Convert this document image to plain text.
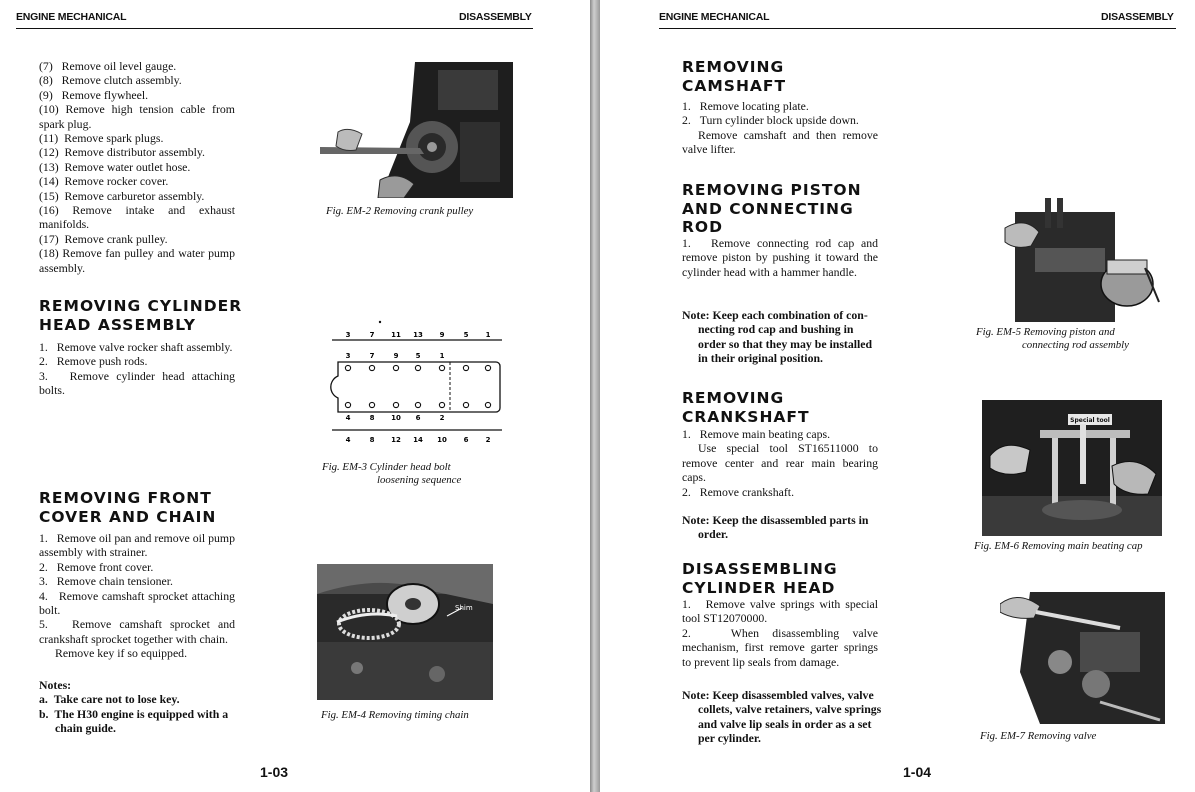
ENGINE MECHANICAL	DISASSEMBLY

(7)   Remove oil level gauge.

(8)   Remove clutch assembly.

(9)   Remove flywheel.

(10) Remove high tension cable from spark plug.

(11)  Remove spark plugs.

(12)  Remove distributor assembly.

(13)  Remove water outlet hose.

(14)  Remove rocker cover.

(15)  Remove carburetor assembly.

(16) Remove intake and exhaust manifolds.

(17)  Remove crank pulley.

(18) Remove fan pulley and water pump assembly.

Fig. EM-2 Removing crank pulley
REMOVING CYLINDER
HEAD ASSEMBLY

1.   Remove valve rocker shaft assembly.

2.   Remove push rods.

3.   Remove cylinder head attaching bolts.

3	7 11 13 9	5 1
4	8 12 14 10 6 2
3	7	9 5	1
4	8 10 6	2
Fig. EM-3 Cylinder head bolt
loosening sequence
REMOVING FRONT
COVER AND CHAIN

1.   Remove oil pan and remove oil pump assembly with strainer.

2.   Remove front cover.

3.   Remove chain tensioner.

4.   Remove camshaft sprocket attaching bolt.

5.   Remove camshaft sprocket and crankshaft sprocket together with chain.

Remove key if so equipped.

Notes:
a.  Take care not to lose key.
b.  The H30 engine is equipped with a
chain guide.
Shim
Fig. EM-4 Removing timing chain
1-03
ENGINE MECHANICAL	DISASSEMBLY
REMOVING
CAMSHAFT

1.   Remove locating plate.

2.   Turn cylinder block upside down.

Remove camshaft and then remove valve lifter.

REMOVING PISTON
AND CONNECTING
ROD

1.   Remove connecting rod cap and remove piston by pushing it toward the cylinder head with a hammer handle.

Note: Keep each combination of con-
necting rod cap and bushing in
order so that they may be installed
in their original position.
Fig. EM-5 Removing piston and
connecting rod assembly
REMOVING
CRANKSHAFT

1.   Remove main beating caps.

Use special tool ST16511000 to remove center and rear main bearing caps.

2.   Remove crankshaft.

Note: Keep the disassembled parts in
order.
Special tool
Fig. EM-6 Removing main beating cap
DISASSEMBLING
CYLINDER HEAD

1.   Remove valve springs with special tool ST12070000.

2.   When disassembling valve mechanism, first remove garter springs to prevent lip seals from damage.

Note: Keep disassembled valves, valve
collets, valve retainers, valve springs
and valve lip seals in order as a set
per cylinder.	Fig. EM-7 Removing valve
1-04
